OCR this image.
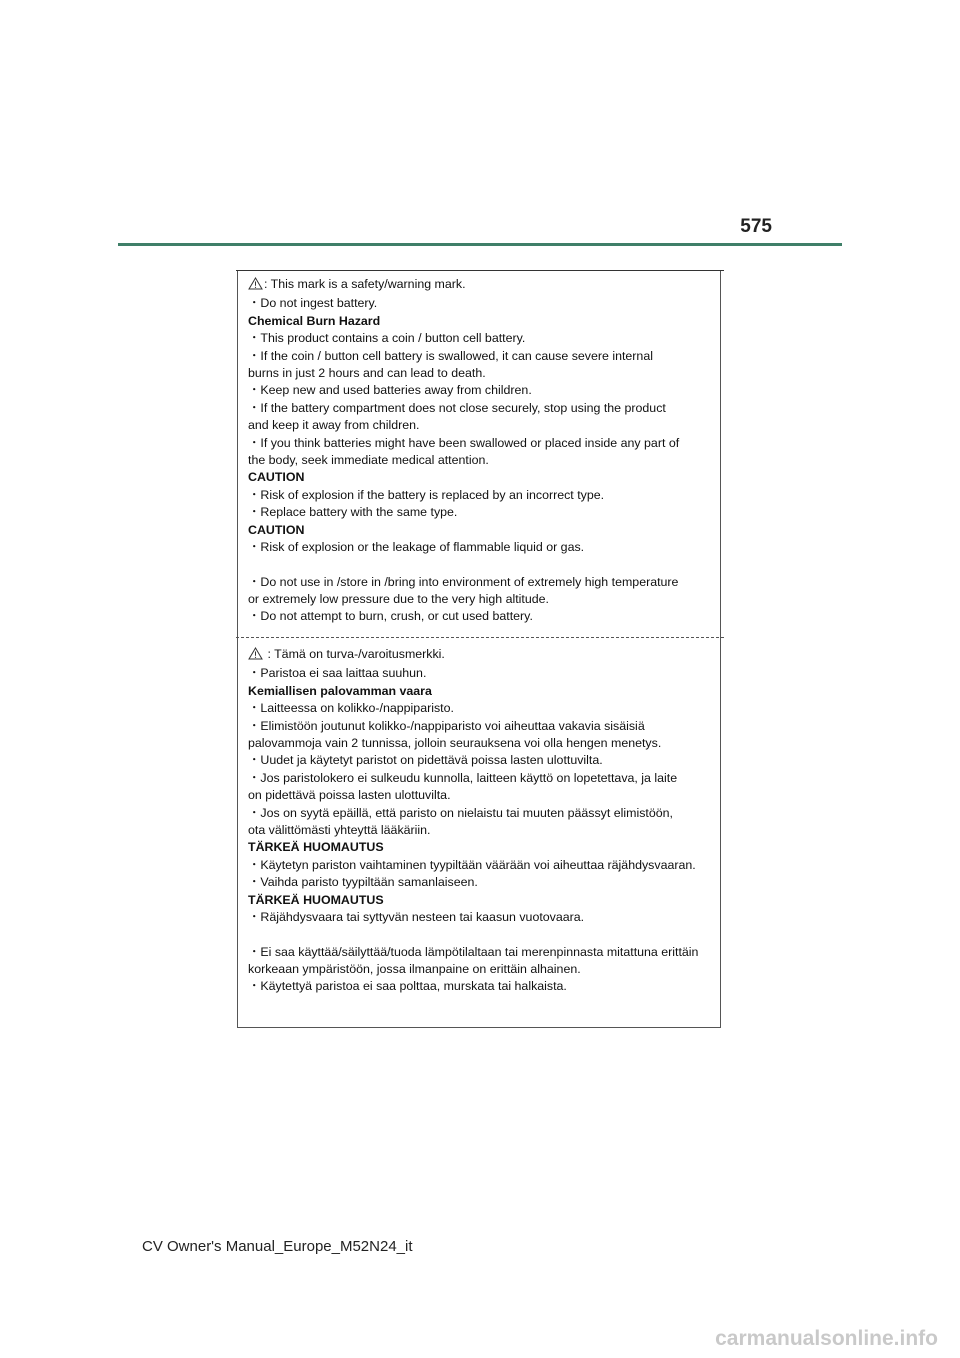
575
: This mark is a safety/warning mark.
・Do not ingest battery.
Chemical Burn Hazard
・This product contains a coin / button cell battery.
・If the coin / button cell battery is swallowed, it can cause severe internal
burns in just 2 hours and can lead to death.
・Keep new and used batteries away from children.
・If the battery compartment does not close securely, stop using the product
and keep it away from children.
・If you think batteries might have been swallowed or placed inside any part of
the body, seek immediate medical attention.
CAUTION
・Risk of explosion if the battery is replaced by an incorrect type.
・Replace battery with the same type.
CAUTION
・Risk of explosion or the leakage of flammable liquid or gas.
・Do not use in /store in /bring into environment of extremely high temperature
or extremely low pressure due to the very high altitude.
・Do not attempt to burn, crush, or cut used battery.
: Tämä on turva-/varoitusmerkki.
・Paristoa ei saa laittaa suuhun.
Kemiallisen palovamman vaara
・Laitteessa on kolikko-/nappiparisto.
・Elimistöön joutunut kolikko-/nappiparisto voi aiheuttaa vakavia sisäisiä
palovammoja vain 2 tunnissa, jolloin seurauksena voi olla hengen menetys.
・Uudet ja käytetyt paristot on pidettävä poissa lasten ulottuvilta.
・Jos paristolokero ei sulkeudu kunnolla, laitteen käyttö on lopetettava, ja laite
on pidettävä poissa lasten ulottuvilta.
・Jos on syytä epäillä, että paristo on nielaistu tai muuten päässyt elimistöön,
ota välittömästi yhteyttä lääkäriin.
TÄRKEÄ HUOMAUTUS
・Käytetyn pariston vaihtaminen tyypiltään väärään voi aiheuttaa räjähdysvaaran.
・Vaihda paristo tyypiltään samanlaiseen.
TÄRKEÄ HUOMAUTUS
・Räjähdysvaara tai syttyvän nesteen tai kaasun vuotovaara.
・Ei saa käyttää/säilyttää/tuoda lämpötilaltaan tai merenpinnasta mitattuna erittäin
korkeaan ympäristöön, jossa ilmanpaine on erittäin alhainen.
・Käytettyä paristoa ei saa polttaa, murskata tai halkaista.
CV Owner's Manual_Europe_M52N24_it
carmanualsonline.info
